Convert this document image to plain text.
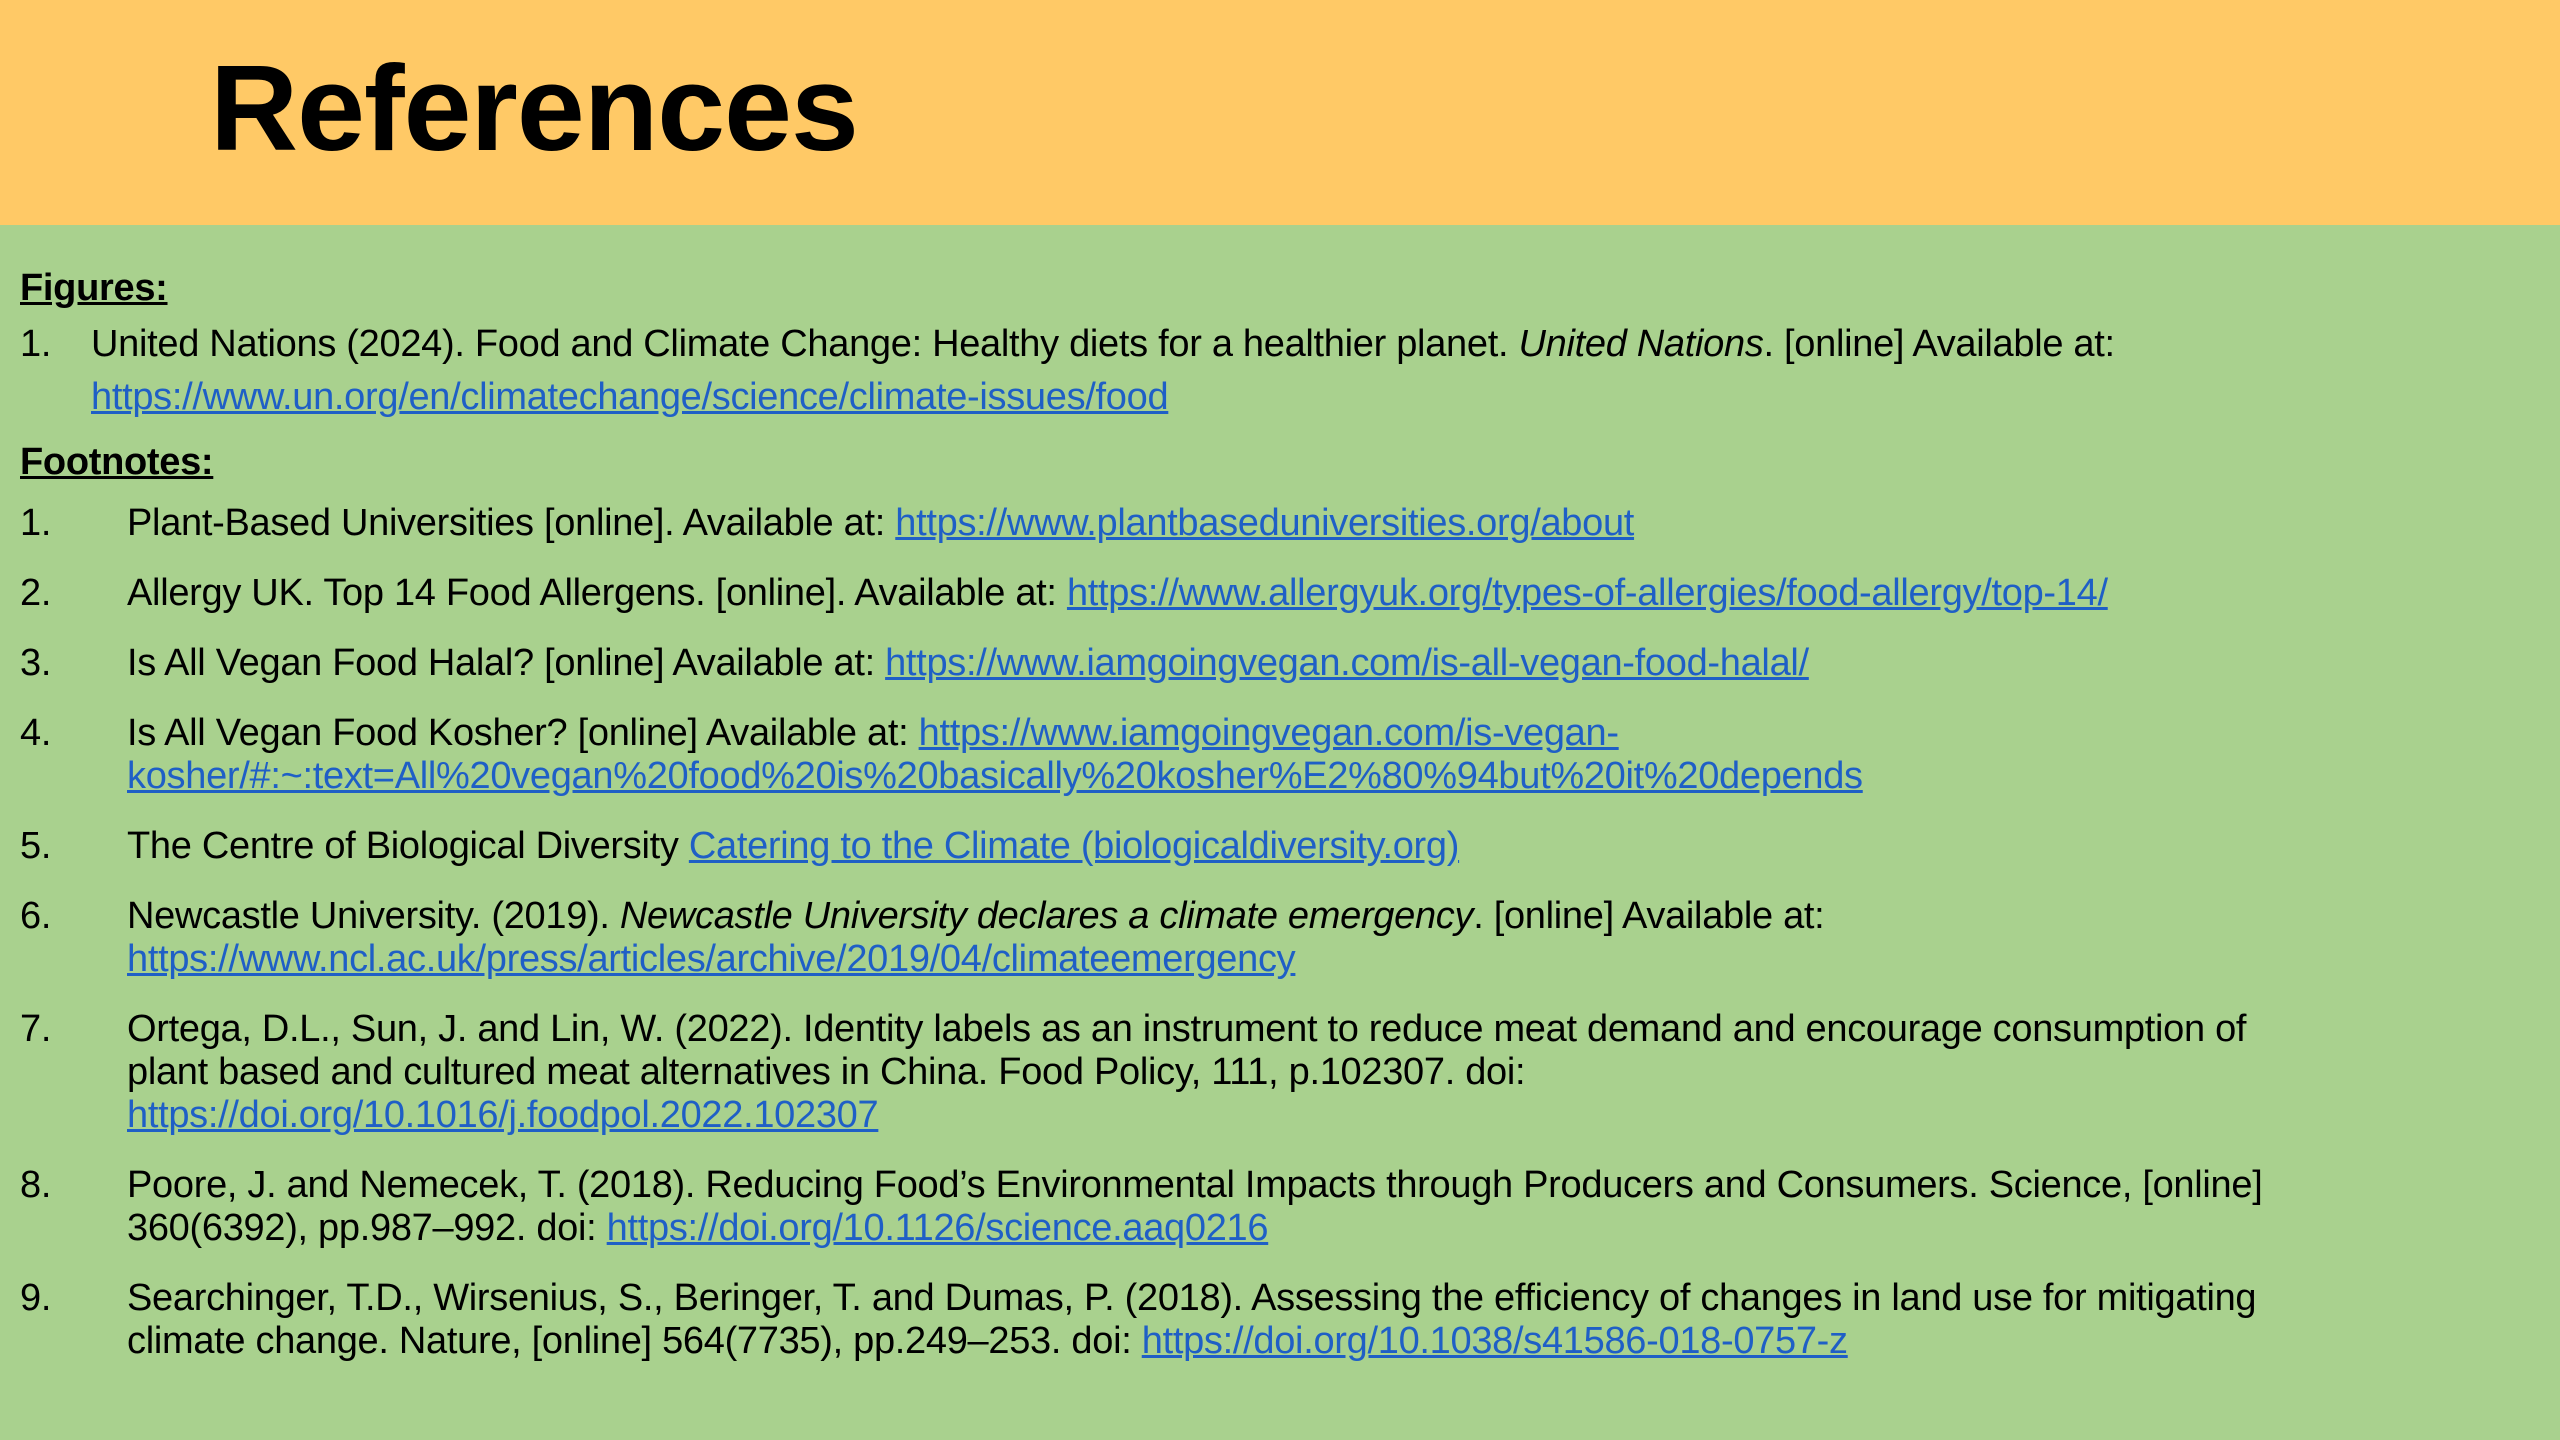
References
Figures:
1. United Nations (2024). Food and Climate Change: Healthy diets for a healthier planet. United Nations. [online] Available at:
https://www.un.org/en/climatechange/science/climate-issues/food
Footnotes:
1. Plant-Based Universities [online]. Available at: https://www.plantbaseduniversities.org/about
2. Allergy UK. Top 14 Food Allergens. [online]. Available at: https://www.allergyuk.org/types-of-allergies/food-allergy/top-14/
3. Is All Vegan Food Halal? [online] Available at: https://www.iamgoingvegan.com/is-all-vegan-food-halal/
4. Is All Vegan Food Kosher? [online] Available at: https://www.iamgoingvegan.com/is-vegan-
kosher/#:~:text=All%20vegan%20food%20is%20basically%20kosher%E2%80%94but%20it%20depends
5. The Centre of Biological Diversity Catering to the Climate (biologicaldiversity.org)
6. Newcastle University. (2019). Newcastle University declares a climate emergency. [online] Available at:
https://www.ncl.ac.uk/press/articles/archive/2019/04/climateemergency
7. Ortega, D.L., Sun, J. and Lin, W. (2022). Identity labels as an instrument to reduce meat demand and encourage consumption of
plant based and cultured meat alternatives in China. Food Policy, 111, p.102307. doi:
https://doi.org/10.1016/j.foodpol.2022.102307
8. Poore, J. and Nemecek, T. (2018). Reducing Food’s Environmental Impacts through Producers and Consumers. Science, [online]
360(6392), pp.987–992. doi: https://doi.org/10.1126/science.aaq0216
9. Searchinger, T.D., Wirsenius, S., Beringer, T. and Dumas, P. (2018). Assessing the efficiency of changes in land use for mitigating
climate change. Nature, [online] 564(7735), pp.249–253. doi: https://doi.org/10.1038/s41586-018-0757-z
